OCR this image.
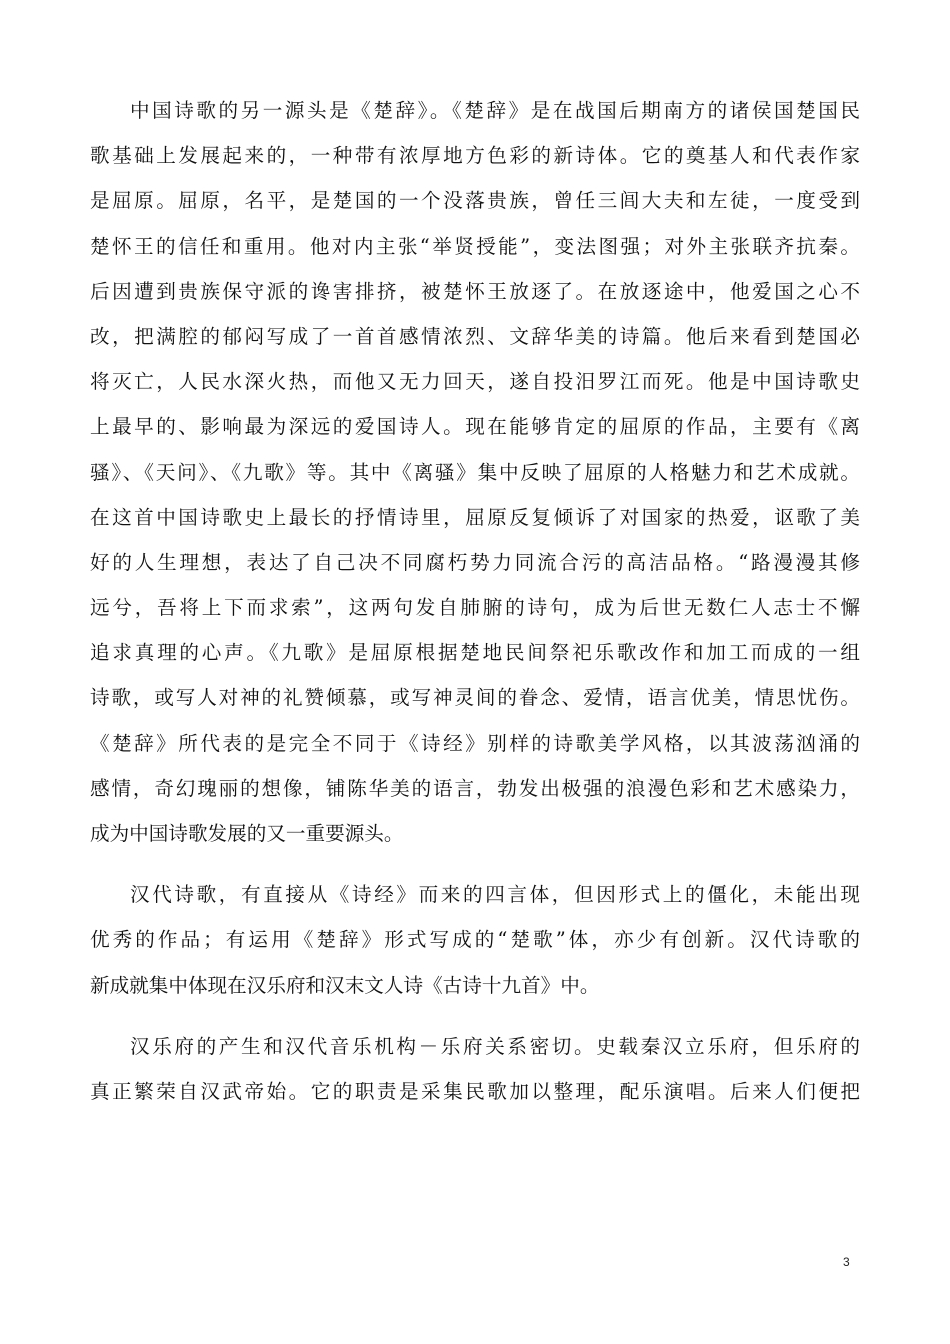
中国诗歌的另一源头是《楚辞》。《楚辞》是在战国后期南方的诸侯国楚国民
歌基础上发展起来的，一种带有浓厚地方色彩的新诗体。它的奠基人和代表作家
是屈原。屈原，名平，是楚国的一个没落贵族，曾任三闾大夫和左徒，一度受到
楚怀王的信任和重用。他对内主张“举贤授能”，变法图强；对外主张联齐抗秦。
后因遭到贵族保守派的谗害排挤，被楚怀王放逐了。在放逐途中，他爱国之心不
改，把满腔的郁闷写成了一首首感情浓烈、文辞华美的诗篇。他后来看到楚国必
将灭亡，人民水深火热，而他又无力回天，遂自投汨罗江而死。他是中国诗歌史
上最早的、影响最为深远的爱国诗人。现在能够肯定的屈原的作品，主要有《离
骚》、《天问》、《九歌》等。其中《离骚》集中反映了屈原的人格魅力和艺术成就。
在这首中国诗歌史上最长的抒情诗里，屈原反复倾诉了对国家的热爱，讴歌了美
好的人生理想，表达了自己决不同腐朽势力同流合污的高洁品格。“路漫漫其修
远兮，吾将上下而求索”，这两句发自肺腑的诗句，成为后世无数仁人志士不懈
追求真理的心声。《九歌》是屈原根据楚地民间祭祀乐歌改作和加工而成的一组
诗歌，或写人对神的礼赞倾慕，或写神灵间的眷念、爱情，语言优美，情思忧伤。
《楚辞》所代表的是完全不同于《诗经》别样的诗歌美学风格，以其波荡汹涌的
感情，奇幻瑰丽的想像，铺陈华美的语言，勃发出极强的浪漫色彩和艺术感染力，
成为中国诗歌发展的又一重要源头。
汉代诗歌，有直接从《诗经》而来的四言体，但因形式上的僵化，未能出现
优秀的作品；有运用《楚辞》形式写成的“楚歌”体，亦少有创新。汉代诗歌的
新成就集中体现在汉乐府和汉末文人诗《古诗十九首》中。
汉乐府的产生和汉代音乐机构－乐府关系密切。史载秦汉立乐府，但乐府的
真正繁荣自汉武帝始。它的职责是采集民歌加以整理，配乐演唱。后来人们便把
3
